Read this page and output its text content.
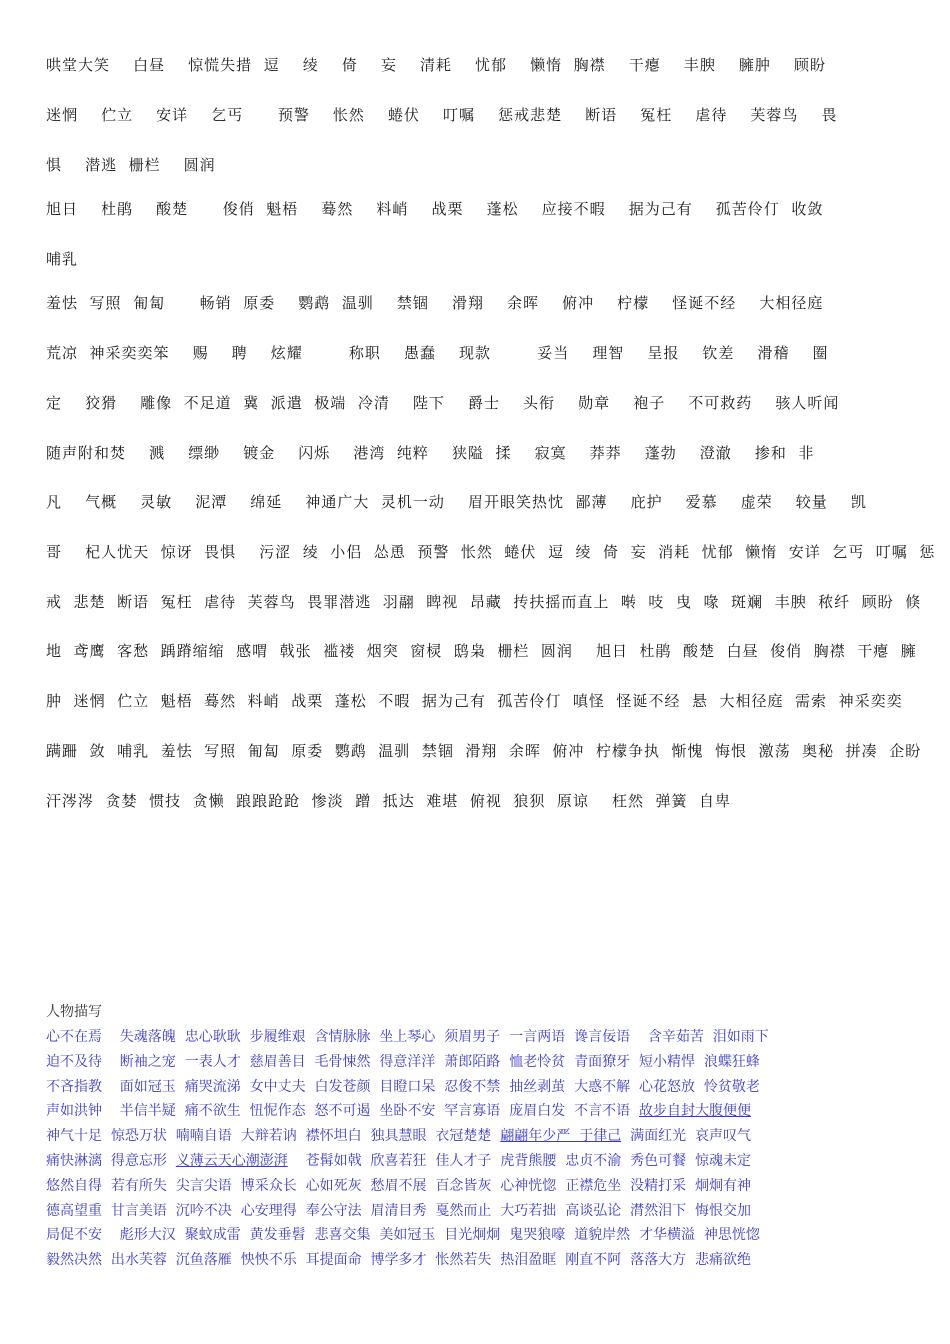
哄堂大笑    白昼    惊慌失措  逗    绫    倚    妄    清耗    忧郁    懒惰  胸襟    干瘪    丰腴    臃肿    顾盼
迷惘    伫立    安详    乞丐      预警    怅然    蜷伏    叮嘱    惩戒悲楚    断语    冤枉    虐待    芙蓉鸟    畏
惧    潜逃  栅栏    圆润
旭日    杜鹃    酸楚      俊俏  魁梧    蓦然    料峭    战栗    蓬松    应接不暇    据为己有    孤苦伶仃  收敛
哺乳
羞怯  写照  匍匐      畅销  原委    鹦鹉  温驯    禁锢    滑翔    余晖    俯冲    柠檬    怪诞不经    大相径庭
荒凉  神采奕奕笨    赐    聘    炫耀        称职    愚蠢    现款        妥当    理智    呈报    钦差    滑稽    圈
定    狡猾    雕像  不足道  冀  派遣  极端  冷清    陛下    爵士    头衔    勋章    袍子    不可救药    骇人听闻
随声附和焚    溅    缥缈    镀金    闪烁    港湾  纯粹    狭隘  揉    寂寞    莽莽    蓬勃    澄澈    掺和  非
凡    气概    灵敏    泥潭    绵延    神通广大  灵机一动    眉开眼笑热忱  鄙薄    庇护    爱慕    虚荣    较量    凯
哥    杞人忧天  惊讶  畏惧    污涩  绫  小侣  怂恿  预警  怅然  蜷伏  逗  绫  倚  妄  消耗  忧郁  懒惰  安详  乞丐  叮嘱  惩
戒  悲楚  断语  冤枉  虐待  芙蓉鸟  畏罪潜逃  羽翮  睥视  昂藏  抟扶摇而直上  啭  吱  曳  喙  斑斓  丰腴  秾纤  顾盼  倏
地  鸢鹰  客愁  踽蹐缩缩  感喟  戟张  褴褛  烟突  窗棂  鸱枭  栅栏  圆润    旭日  杜鹃  酸楚  白昼  俊俏  胸襟  干瘪  臃
肿  迷惘  伫立  魁梧  蓦然  料峭  战栗  蓬松  不暇  据为己有  孤苦伶仃  嗔怪  怪诞不经  悬  大相径庭  需索  神采奕奕
蹒跚  敛  哺乳  羞怯  写照  匍匐  原委  鹦鹉  温驯  禁锢  滑翔  余晖  俯冲  柠檬争执  惭愧  悔恨  激荡  奥秘  拼凑  企盼
汗涔涔  贪婪  惯技  贪懒  踉踉跄跄  惨淡  蹭  抵达  难堪  俯视  狼狈  原谅    枉然  弹簧  自卑
人物描写
心不在焉    失魂落魄  忠心耿耿  步履维艰  含情脉脉  坐上琴心  须眉男子  一言两语  谗言佞语    含辛茹苦  泪如雨下
迫不及待    断袖之宠  一表人才  慈眉善目  毛骨悚然  得意洋洋  萧郎陌路  恤老怜贫  青面獠牙  短小精悍  浪蝶狂蜂
不吝指教    面如冠玉  痛哭流涕  女中丈夫  白发苍颜  目瞪口呆  忍俊不禁  抽丝剥茧  大惑不解  心花怒放  怜贫敬老
声如洪钟    半信半疑  痛不欲生  忸怩作态  怒不可遏  坐卧不安  罕言寡语  庞眉白发  不言不语  故步自封大腹便便
神气十足  惊恐万状  喃喃自语  大辩若讷  襟怀坦白  独具慧眼  衣冠楚楚  翩翩年少严  于律己  满面红光  哀声叹气
痛快淋漓  得意忘形  义薄云天心潮澎湃    苍髯如戟  欣喜若狂  佳人才子  虎背熊腰  忠贞不渝  秀色可餐  惊魂未定
悠然自得  若有所失  尖言尖语  博采众长  心如死灰  愁眉不展  百念皆灰  心神恍惚  正襟危坐  没精打采  炯炯有神
德高望重  甘言美语  沉吟不决  心安理得  奉公守法  眉清目秀  戛然而止  大巧若拙  高谈弘论  潸然泪下  悔恨交加
局促不安    彪形大汉  聚蚊成雷  黄发垂髫  悲喜交集  美如冠玉  目光炯炯  鬼哭狼嚎  道貌岸然  才华横溢  神思恍惚
毅然决然  出水芙蓉  沉鱼落雁  怏怏不乐  耳提面命  博学多才  怅然若失  热泪盈眶  刚直不阿  落落大方  悲痛欲绝
